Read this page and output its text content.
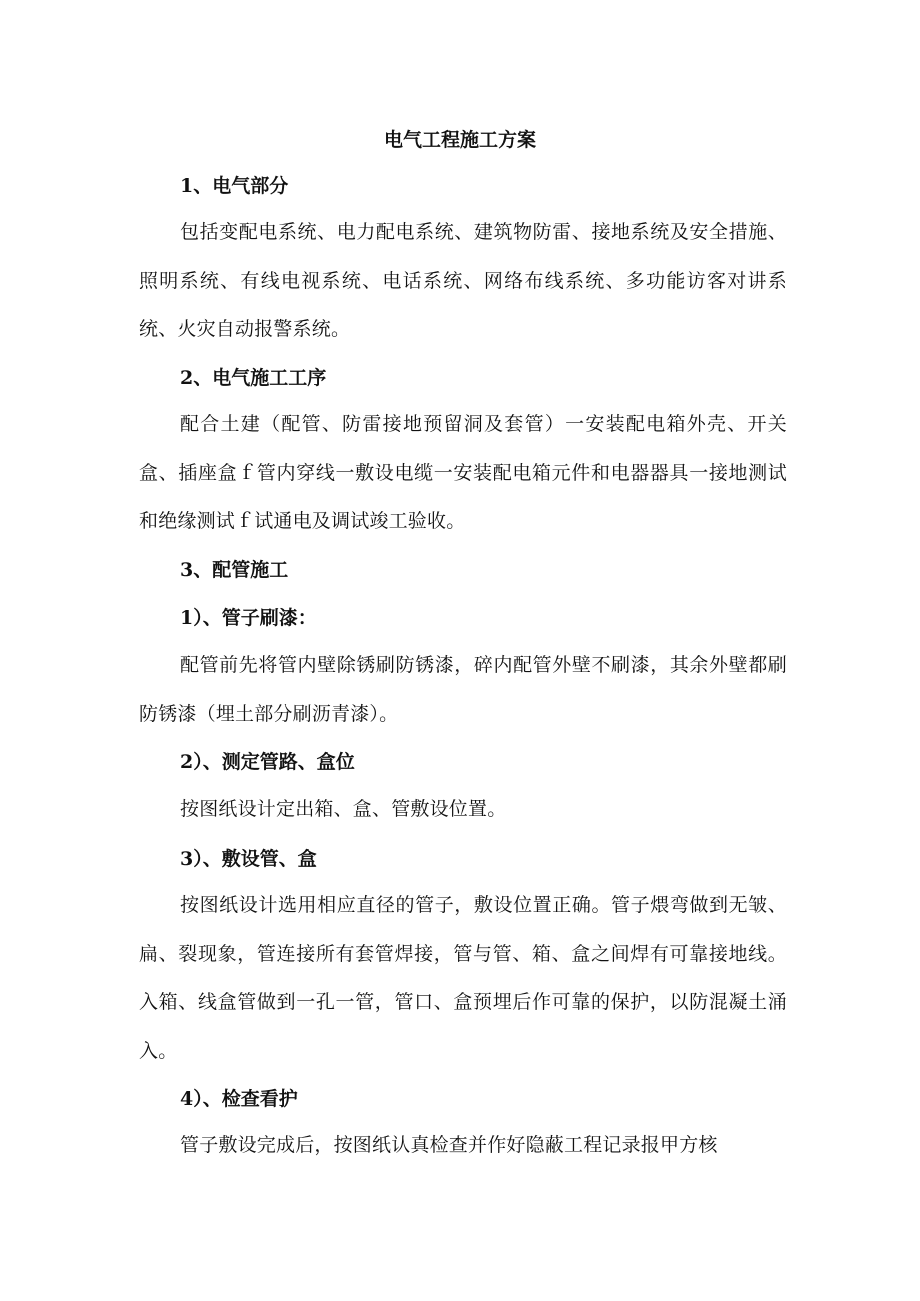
电气工程施工方案
1、电气部分

包括变配电系统、电力配电系统、建筑物防雷、接地系统及安全措施、照明系统、有线电视系统、电话系统、网络布线系统、多功能访客对讲系统、火灾自动报警系统。

2、电气施工工序

配合土建（配管、防雷接地预留洞及套管）一安装配电箱外壳、开关盒、插座盒ｆ管内穿线一敷设电缆一安装配电箱元件和电器器具一接地测试和绝缘测试ｆ试通电及调试竣工验收。

3、配管施工
1）、管子刷漆：

配管前先将管内壁除锈刷防锈漆，碎内配管外壁不刷漆，其余外壁都刷防锈漆（埋土部分刷沥青漆）。

2）、测定管路、盒位

按图纸设计定出箱、盒、管敷设位置。

3）、敷设管、盒

按图纸设计选用相应直径的管子，敷设位置正确。管子煨弯做到无皱、扁、裂现象，管连接所有套管焊接，管与管、箱、盒之间焊有可靠接地线。入箱、线盒管做到一孔一管，管口、盒预埋后作可靠的保护，以防混凝土涌入。

4）、检查看护

管子敷设完成后，按图纸认真检查并作好隐蔽工程记录报甲方核
